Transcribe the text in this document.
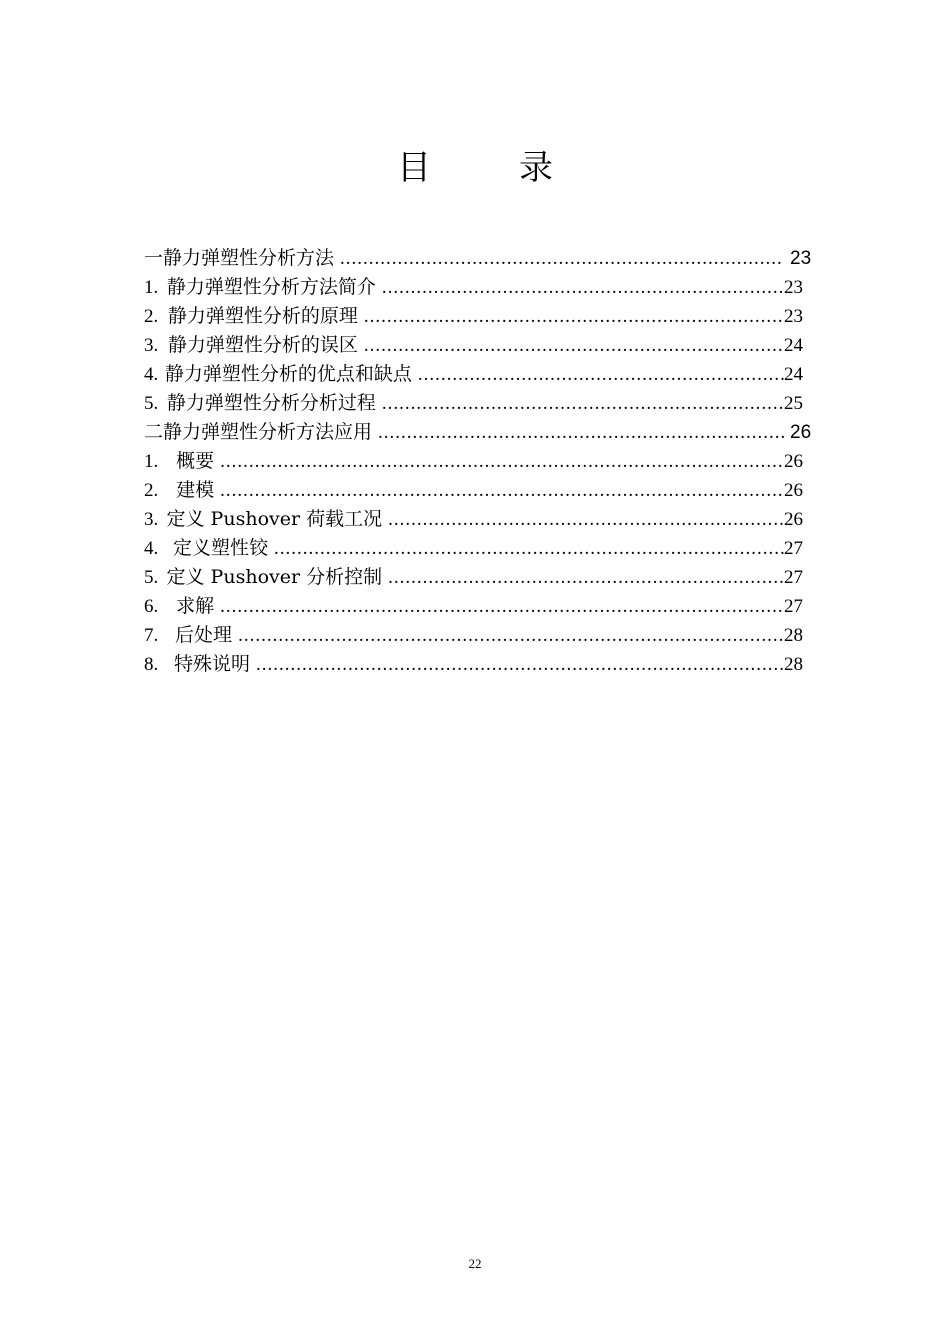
目	录
一 静力弹塑性分析方法 .....	23
1. 静力弹塑性分析方法简介 .....	23
2. 静力弹塑性分析的原理 .....	23
3. 静力弹塑性分析的误区 .....	24
4. 静力弹塑性分析的优点和缺点 .....	24
5. 静力弹塑性分析分析过程 .....	25
二 静力弹塑性分析方法应用 .....	26
1. 概要 .....	26
2. 建模 .....	26
3. 定义 Pushover 荷载工况 .....	26
4. 定义塑性铰 .....	27
5. 定义 Pushover 分析控制 .....	27
6. 求解 .....	27
7. 后处理 .....	28
8. 特殊说明 .....	28
22
